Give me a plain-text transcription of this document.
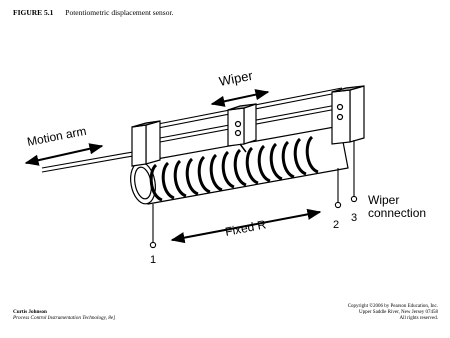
FIGURE 5.1 Potentiometric displacement sensor.
Wiper
Motion arm
Fixed R
Wiper
connection
1
2
3
Curtis Johnson
Process Control Instrumentation Technology, 8e]
Copyright ©2006 by Pearson Education, Inc.
Upper Saddle River, New Jersey 07458
All rights reserved.
